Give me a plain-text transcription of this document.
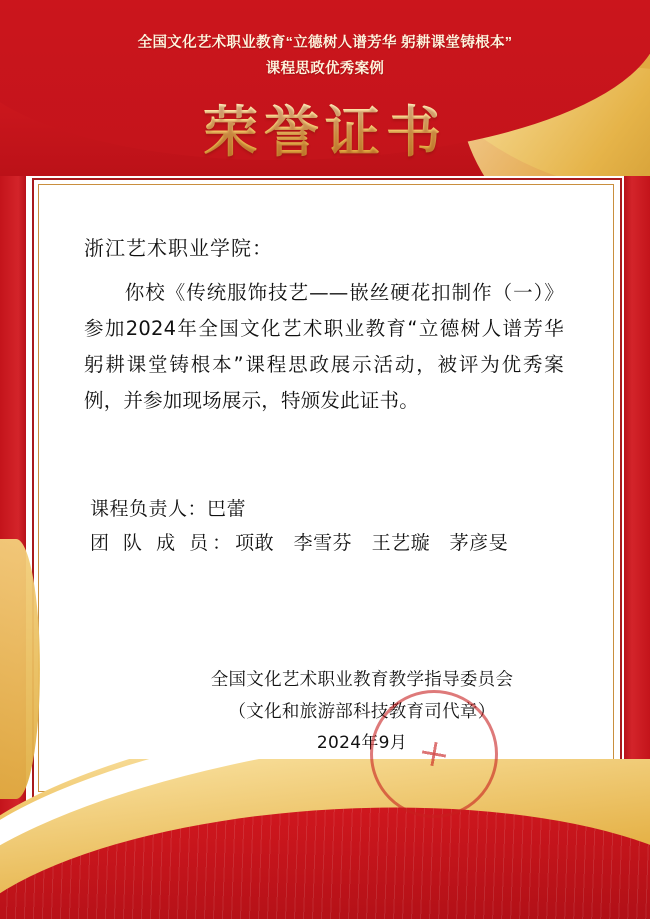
全国文化艺术职业教育“立德树人谱芳华 躬耕课堂铸根本”
课程思政优秀案例
荣誉证书
浙江艺术职业学院：
你校《传统服饰技艺——嵌丝硬花扣制作（一）》参加2024年全国文化艺术职业教育“立德树人谱芳华 躬耕课堂铸根本”课程思政展示活动，被评为优秀案例，并参加现场展示，特颁发此证书。
课程负责人：巴蕾
团 队 成 员：项敢　李雪芬　王艺璇　茅彦旻
全国文化艺术职业教育教学指导委员会
（文化和旅游部科技教育司代章）
2024年9月
